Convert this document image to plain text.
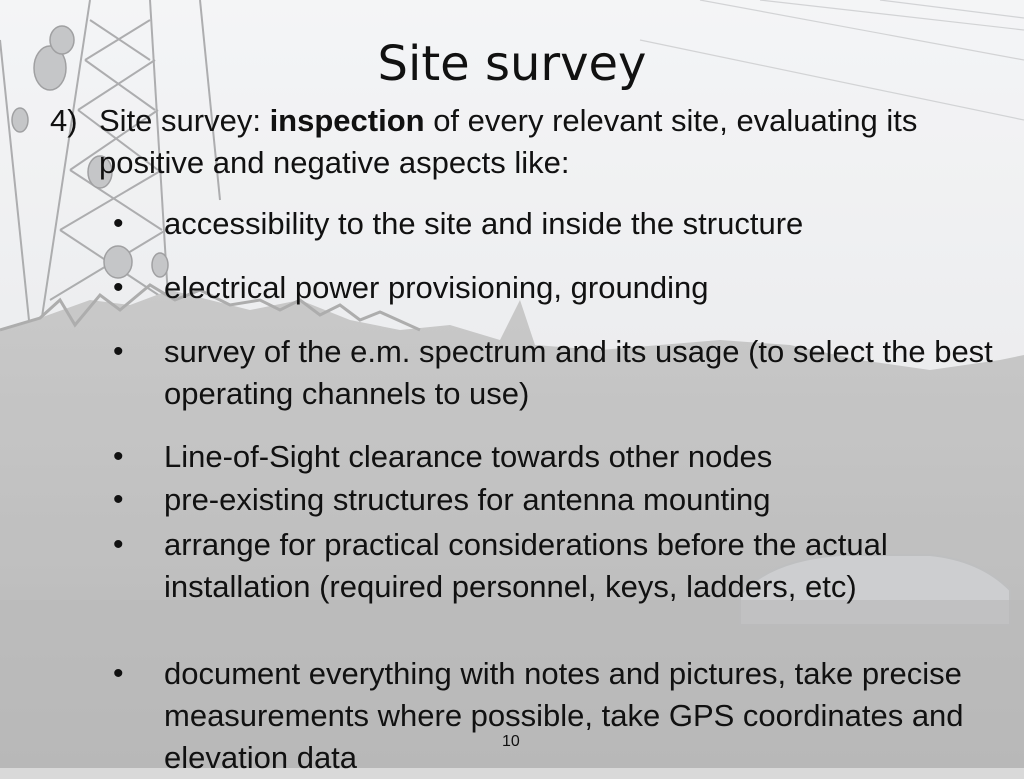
Site survey
4) Site survey: inspection of every relevant site, evaluating its positive and negative aspects like:
• accessibility to the site and inside the structure
• electrical power provisioning, grounding
• survey of the e.m. spectrum and its usage (to select the best operating channels to use)
• Line-of-Sight clearance towards other nodes
• pre-existing structures for antenna mounting
• arrange for practical considerations before the actual installation (required personnel, keys, ladders, etc)
• document everything with notes and pictures, take precise measurements where possible, take GPS coordinates and elevation data	10
